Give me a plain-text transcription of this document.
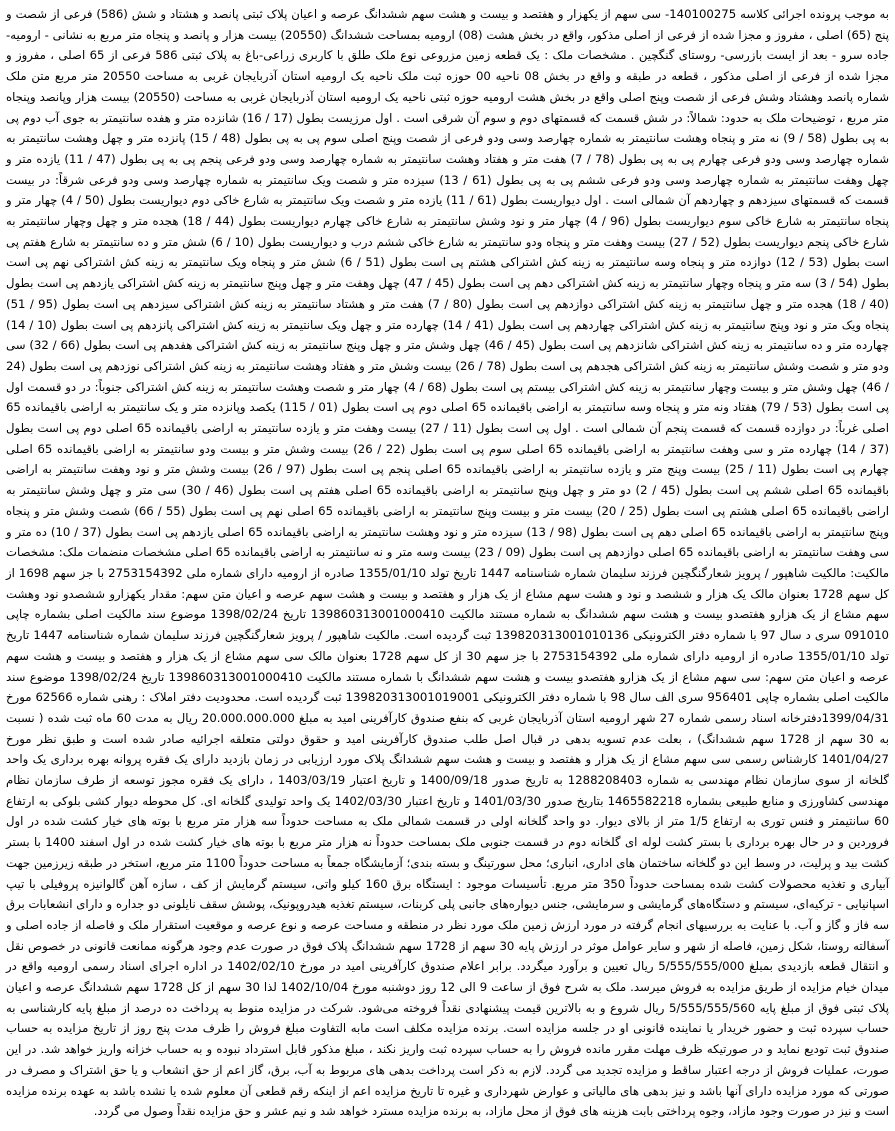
به موجب پرونده اجرائی کلاسه 140100275- سی سهم از یکهزار و هفتصد و بیست و هشت سهم ششدانگ عرصه و اعیان پلاک ثبتی پانصد و هشتاد و شش (586) فرعی از شصت و پنج (65) اصلی ، مفروز و مجزا شده از فرعی از اصلی مذکور، واقع در بخش هشت (08) ارومیه بمساحت ششدانگ (20550) بیست هزار و پانصد و پنجاه متر مربع به نشانی - ارومیه- جاده سرو - بعد از ایست بازرسی- روستای گنگچین . مشخصات ملک : یک قطعه زمین مزروعی نوع ملک طلق با کاربری زراعی-باغ به پلاک ثبتی 586 فرعی از 65 اصلی ، مفروز و مجزا شده از فرعی از اصلی مذکور ، قطعه در طبقه و واقع در بخش 08 ناحیه 00 حوزه ثبت ملک ناحیه یک ارومیه استان آذربایجان غربی به مساحت 20550 متر مربع متن ملک شماره پانصد وهشتاد وشش فرعی از شصت وپنج اصلی واقع در بخش هشت ارومیه حوزه ثبتی ناحیه یک ارومیه استان آذربایجان غربی به مساحت (20550) بیست هزار وپانصد وپنجاه متر مربع ، توضیحات ملک به حدود: شمالاً: در شش قسمت که قسمتهای دوم و سوم آن شرقی است . اول مرزیست بطول (17 / 16) شانزده متر و هفده سانتیمتر به جوی آب دوم پی به پی بطول (58 / 9) نه متر و پنجاه وهشت سانتیمتر به شماره چهارصد وسی ودو فرعی از شصت وپنج اصلی سوم پی به پی بطول (48 / 15) پانزده متر و چهل وهشت سانتیمتر به شماره چهارصد وسی ودو فرعی چهارم پی به پی بطول (78 / 7) هفت متر و هفتاد وهشت سانتیمتر به شماره چهارصد وسی ودو فرعی پنجم پی به پی بطول (47 / 11) یازده متر و چهل وهفت سانتیمتر به شماره چهارصد وسی ودو فرعی ششم پی به پی بطول (61 / 13) سیزده متر و شصت ویک سانتیمتر به شماره چهارصد وسی ودو فرعی شرقاً: در بیست قسمت که قسمتهای سیزدهم و چهاردهم آن شمالی است . اول دیواریست بطول (61 / 11) یازده متر و شصت ویک سانتیمتر به شارع خاکی دوم دیواریست بطول (50 / 4) چهار متر و پنجاه سانتیمتر به شارع خاکی سوم دیواریست بطول (96 / 4) چهار متر و نود وشش سانتیمتر به شارع خاکی چهارم دیواریست بطول (44 / 18) هجده متر و چهل وچهار سانتیمتر به شارع خاکی پنجم دیواریست بطول (52 / 27) بیست وهفت متر و پنجاه ودو سانتیمتر به شارع خاکی ششم درب و دیواریست بطول (10 / 6) شش متر و ده سانتیمتر به شارع هفتم پی است بطول (53 / 12) دوازده متر و پنجاه وسه سانتیمتر به زینه کش اشتراکی هشتم پی است بطول (51 / 6) شش متر و پنجاه ویک سانتیمتر به زینه کش اشتراکی نهم پی است بطول (54 / 3) سه متر و پنجاه وچهار سانتیمتر به زینه کش اشتراکی دهم پی است بطول (45 / 47) چهل وهفت متر و چهل وپنج سانتیمتر به زینه کش اشتراکی یازدهم پی است بطول (40 / 18) هجده متر و چهل سانتیمتر به زینه کش اشتراکی دوازدهم پی است بطول (80 / 7) هفت متر و هشتاد سانتیمتر به زینه کش اشتراکی سیزدهم پی است بطول (95 / 51) پنجاه ویک متر و نود وپنج سانتیمتر به زینه کش اشتراکی چهاردهم پی است بطول (41 / 14) چهارده متر و چهل ویک سانتیمتر به زینه کش اشتراکی پانزدهم پی است بطول (10 / 14) چهارده متر و ده سانتیمتر به زینه کش اشتراکی شانزدهم پی است بطول (45 / 46) چهل وشش متر و چهل وپنج سانتیمتر به زینه کش اشتراکی هفدهم پی است بطول (66 / 32) سی ودو متر و شصت وشش سانتیمتر به زینه کش اشتراکی هجدهم پی است بطول (78 / 26) بیست وشش متر و هفتاد وهشت سانتیمتر به زینه کش اشتراکی نوزدهم پی است بطول (24 / 46) چهل وشش متر و بیست وچهار سانتیمتر به زینه کش اشتراکی بیستم پی است بطول (68 / 4) چهار متر و شصت وهشت سانتیمتر به زینه کش اشتراکی جنوباً: در دو قسمت اول پی است بطول (53 / 79) هفتاد ونه متر و پنجاه وسه سانتیمتر به اراضی باقیمانده 65 اصلی دوم پی است بطول (01 / 115) یکصد وپانزده متر و یک سانتیمتر به اراضی باقیمانده 65 اصلی غرباً: در دوازده قسمت که قسمت پنجم آن شمالی است . اول پی است بطول (11 / 27) بیست وهفت متر و یازده سانتیمتر به اراضی باقیمانده 65 اصلی دوم پی است بطول (37 / 14) چهارده متر و سی وهفت سانتیمتر به اراضی باقیمانده 65 اصلی سوم پی است بطول (22 / 26) بیست وشش متر و بیست ودو سانتیمتر به اراضی باقیمانده 65 اصلی چهارم پی است بطول (11 / 25) بیست وپنج متر و یازده سانتیمتر به اراضی باقیمانده 65 اصلی پنجم پی است بطول (97 / 26) بیست وشش متر و نود وهفت سانتیمتر به اراضی باقیمانده 65 اصلی ششم پی است بطول (45 / 2) دو متر و چهل وپنج سانتیمتر به اراضی باقیمانده 65 اصلی هفتم پی است بطول (46 / 30) سی متر و چهل وشش سانتیمتر به اراضی باقیمانده 65 اصلی هشتم پی است بطول (25 / 20) بیست متر و بیست وپنج سانتیمتر به اراضی باقیمانده 65 اصلی نهم پی است بطول (55 / 66) شصت وشش متر و پنجاه وپنج سانتیمتر به اراضی باقیمانده 65 اصلی دهم پی است بطول (98 / 13) سیزده متر و نود وهشت سانتیمتر به اراضی باقیمانده 65 اصلی یازدهم پی است بطول (37 / 10) ده متر و سی وهفت سانتیمتر به اراضی باقیمانده 65 اصلی دوازدهم پی است بطول (09 / 23) بیست وسه متر و نه سانتیمتر به اراضی باقیمانده 65 اصلی مشخصات منضمات ملک: مشخصات مالکیت: مالکیت شاهپور / پرویز شعارگنگچین فرزند سلیمان شماره شناسنامه 1447 تاریخ تولد 1355/01/10 صادره از ارومیه دارای شماره ملی 2753154392 با جز سهم 1698 از کل سهم 1728 بعنوان مالک یک هزار و ششصد و نود و هشت سهم مشاع از یک هزار و هفتصد و بیست و هشت سهم عرصه و اعیان متن سهم: مقدار یکهزارو ششصدو نود وهشت سهم مشاع از یک هزارو هفتصدو بیست و هشت سهم ششدانگ به شماره مستند مالکیت 139860313001000410 تاریخ 1398/02/24 موضوع سند مالکیت اصلی بشماره چاپی 091010 سری د سال 97 با شماره دفتر الکترونیکی 139820313001010136 ثبت گردیده است. مالکیت شاهپور / پرویز شعارگنگچین فرزند سلیمان شماره شناسنامه 1447 تاریخ تولد 1355/01/10 صادره از ارومیه دارای شماره ملی 2753154392 با جز سهم 30 از کل سهم 1728 بعنوان مالک سی سهم مشاع از یک هزار و هفتصد و بیست و هشت سهم عرصه و اعیان متن سهم: سی سهم مشاع از یک هزارو هفتصدو بیست و هشت سهم ششدانگ با شماره مستند مالکیت 139860313001000410 تاریخ 1398/02/24 موضوع سند مالکیت اصلی بشماره چاپی 956401 سری الف سال 98 با شماره دفتر الکترونیکی 139820313001019001 ثبت گردیده است. محدودیت دفتر املاک : رهنی شماره 62566 مورخ 1399/04/31دفترخانه اسناد رسمی شماره 27 شهر ارومیه استان آذربایجان غربی که بنفع صندوق کارآفرینی امید به مبلغ 20.000.000.000 ریال به مدت 60 ماه ثبت شده ( نسبت به 30 سهم از 1728 سهم ششدانگ) ، بعلت عدم تسویه بدهی در قبال اصل طلب صندوق کارآفرینی امید و حقوق دولتی متعلقه اجرائیه صادر شده است و طبق نظر مورخ 1401/04/27 کارشناس رسمی سی سهم مشاع از یک هزار و هفتصد و بیست و هشت سهم ششدانگ پلاک مورد ارزیابی در زمان بازدید دارای یک فقره پروانه بهره برداری یک واحد گلخانه از سوی سازمان نظام مهندسی به شماره 1288208403 به تاریخ صدور 1400/09/18 و تاریخ اعتبار 1403/03/19 ، دارای یک فقره مجوز توسعه از طرف سازمان نظام مهندسی کشاورزی و منابع طبیعی بشماره 1465582218 بتاریخ صدور 1401/03/30 و تاریخ اعتبار 1402/03/30 یک واحد تولیدی گلخانه ای. کل محوطه دیوار کشی بلوکی به ارتفاع 60 سانتیمتر و فنس توری به ارتفاع 1/5 متر از بالای دیوار. دو واحد گلخانه اولی در قسمت شمالی ملک به مساحت حدوداً سه هزار متر مربع با بوته های خیار کشت شده در اول فروردین و در حال بهره برداری با بستر کشت لوله ای گلخانه دوم در قسمت جنوبی ملک بمساحت حدوداً نه هزار متر مربع با بوته های خیار کشت شده در اول اسفند 1400 با بستر کشت بید و پرلیت، در وسط این دو گلخانه ساختمان های اداری، انباری؛ محل سورتینگ و بسته بندی؛ آزمایشگاه جمعاً به مساحت حدوداً 1100 متر مربع، استخر در طبقه زیرزمین جهت آبیاری و تغذیه محصولات کشت شده بمساحت حدوداً 350 متر مربع. تأسیسات موجود : ایستگاه برق 160 کیلو واتی، سیستم گرمایش از کف ، سازه آهن گالوانیزه پروفیلی با تیپ اسپانیایی - ترکیه‌ای، سیستم و دستگاه‌های گرمایشی و سرمایشی، جنس دیواره‌های جانبی پلی کربنات، سیستم تغذیه هیدروپونیک، پوشش سقف نایلونی دو جداره و دارای انشعابات برق سه فاز و گاز و آب. با عنایت به بررسیهای انجام گرفته در مورد ارزش زمین ملک مورد نظر در منطقه و مساحت عرصه و نوع عرصه و موقعیت استقرار ملک و فاصله از جاده اصلی و آسفالته روستا، شکل زمین، فاصله از شهر و سایر عوامل موثر در ارزش پایه 30 سهم از 1728 سهم ششدانگ پلاک فوق در صورت عدم وجود هرگونه ممانعت قانونی در خصوص نقل و انتقال قطعه بازدیدی بمبلغ 5/555/555/000 ریال تعیین و برآورد میگردد. برابر اعلام صندوق کارآفرینی امید در مورخ 1402/02/10 در اداره اجرای اسناد رسمی ارومیه واقع در میدان خیام مزایده از طریق مزایده به فروش میرسد. ملک به شرح فوق از ساعت 9 الی 12 روز دوشنبه مورخ 1402/10/04 لذا 30 سهم از کل 1728 سهم ششدانگ عرصه و اعیان پلاک ثبتی فوق از مبلغ پایه 5/555/555/560 ریال شروع و به بالاترین قیمت پیشنهادی نقداً فروخته می‌شود. شرکت در مزایده منوط به پرداخت ده درصد از مبلغ پایه کارشناسی به حساب سپرده ثبت و حضور خریدار یا نماینده قانونی او در جلسه مزایده است. برنده مزایده مکلف است مابه التفاوت مبلغ فروش را ظرف مدت پنج روز از تاریخ مزایده به حساب صندوق ثبت تودیع نماید و در صورتیکه ظرف مهلت مقرر مانده فروش را به حساب سپرده ثبت واریز نکند ، مبلغ مذکور قابل استرداد نبوده و به حساب خزانه واریز خواهد شد. در این صورت، عملیات فروش از درجه اعتبار ساقط و مزایده تجدید می گردد. لازم به ذکر است پرداخت بدهی های مربوط به آب، برق، گاز اعم از حق انشعاب و یا حق اشتراک و مصرف در صورتی که مورد مزایده دارای آنها باشد و نیز بدهی های مالیاتی و عوارض شهرداری و غیره تا تاریخ مزایده اعم از اینکه رقم قطعی آن معلوم شده یا نشده باشد به عهده برنده مزایده است و نیز در صورت وجود مازاد، وجوه پرداختی بابت هزینه های فوق از محل مازاد، به برنده مزایده مسترد خواهد شد و نیم عشر و حق مزایده نقداً وصول می گردد.
